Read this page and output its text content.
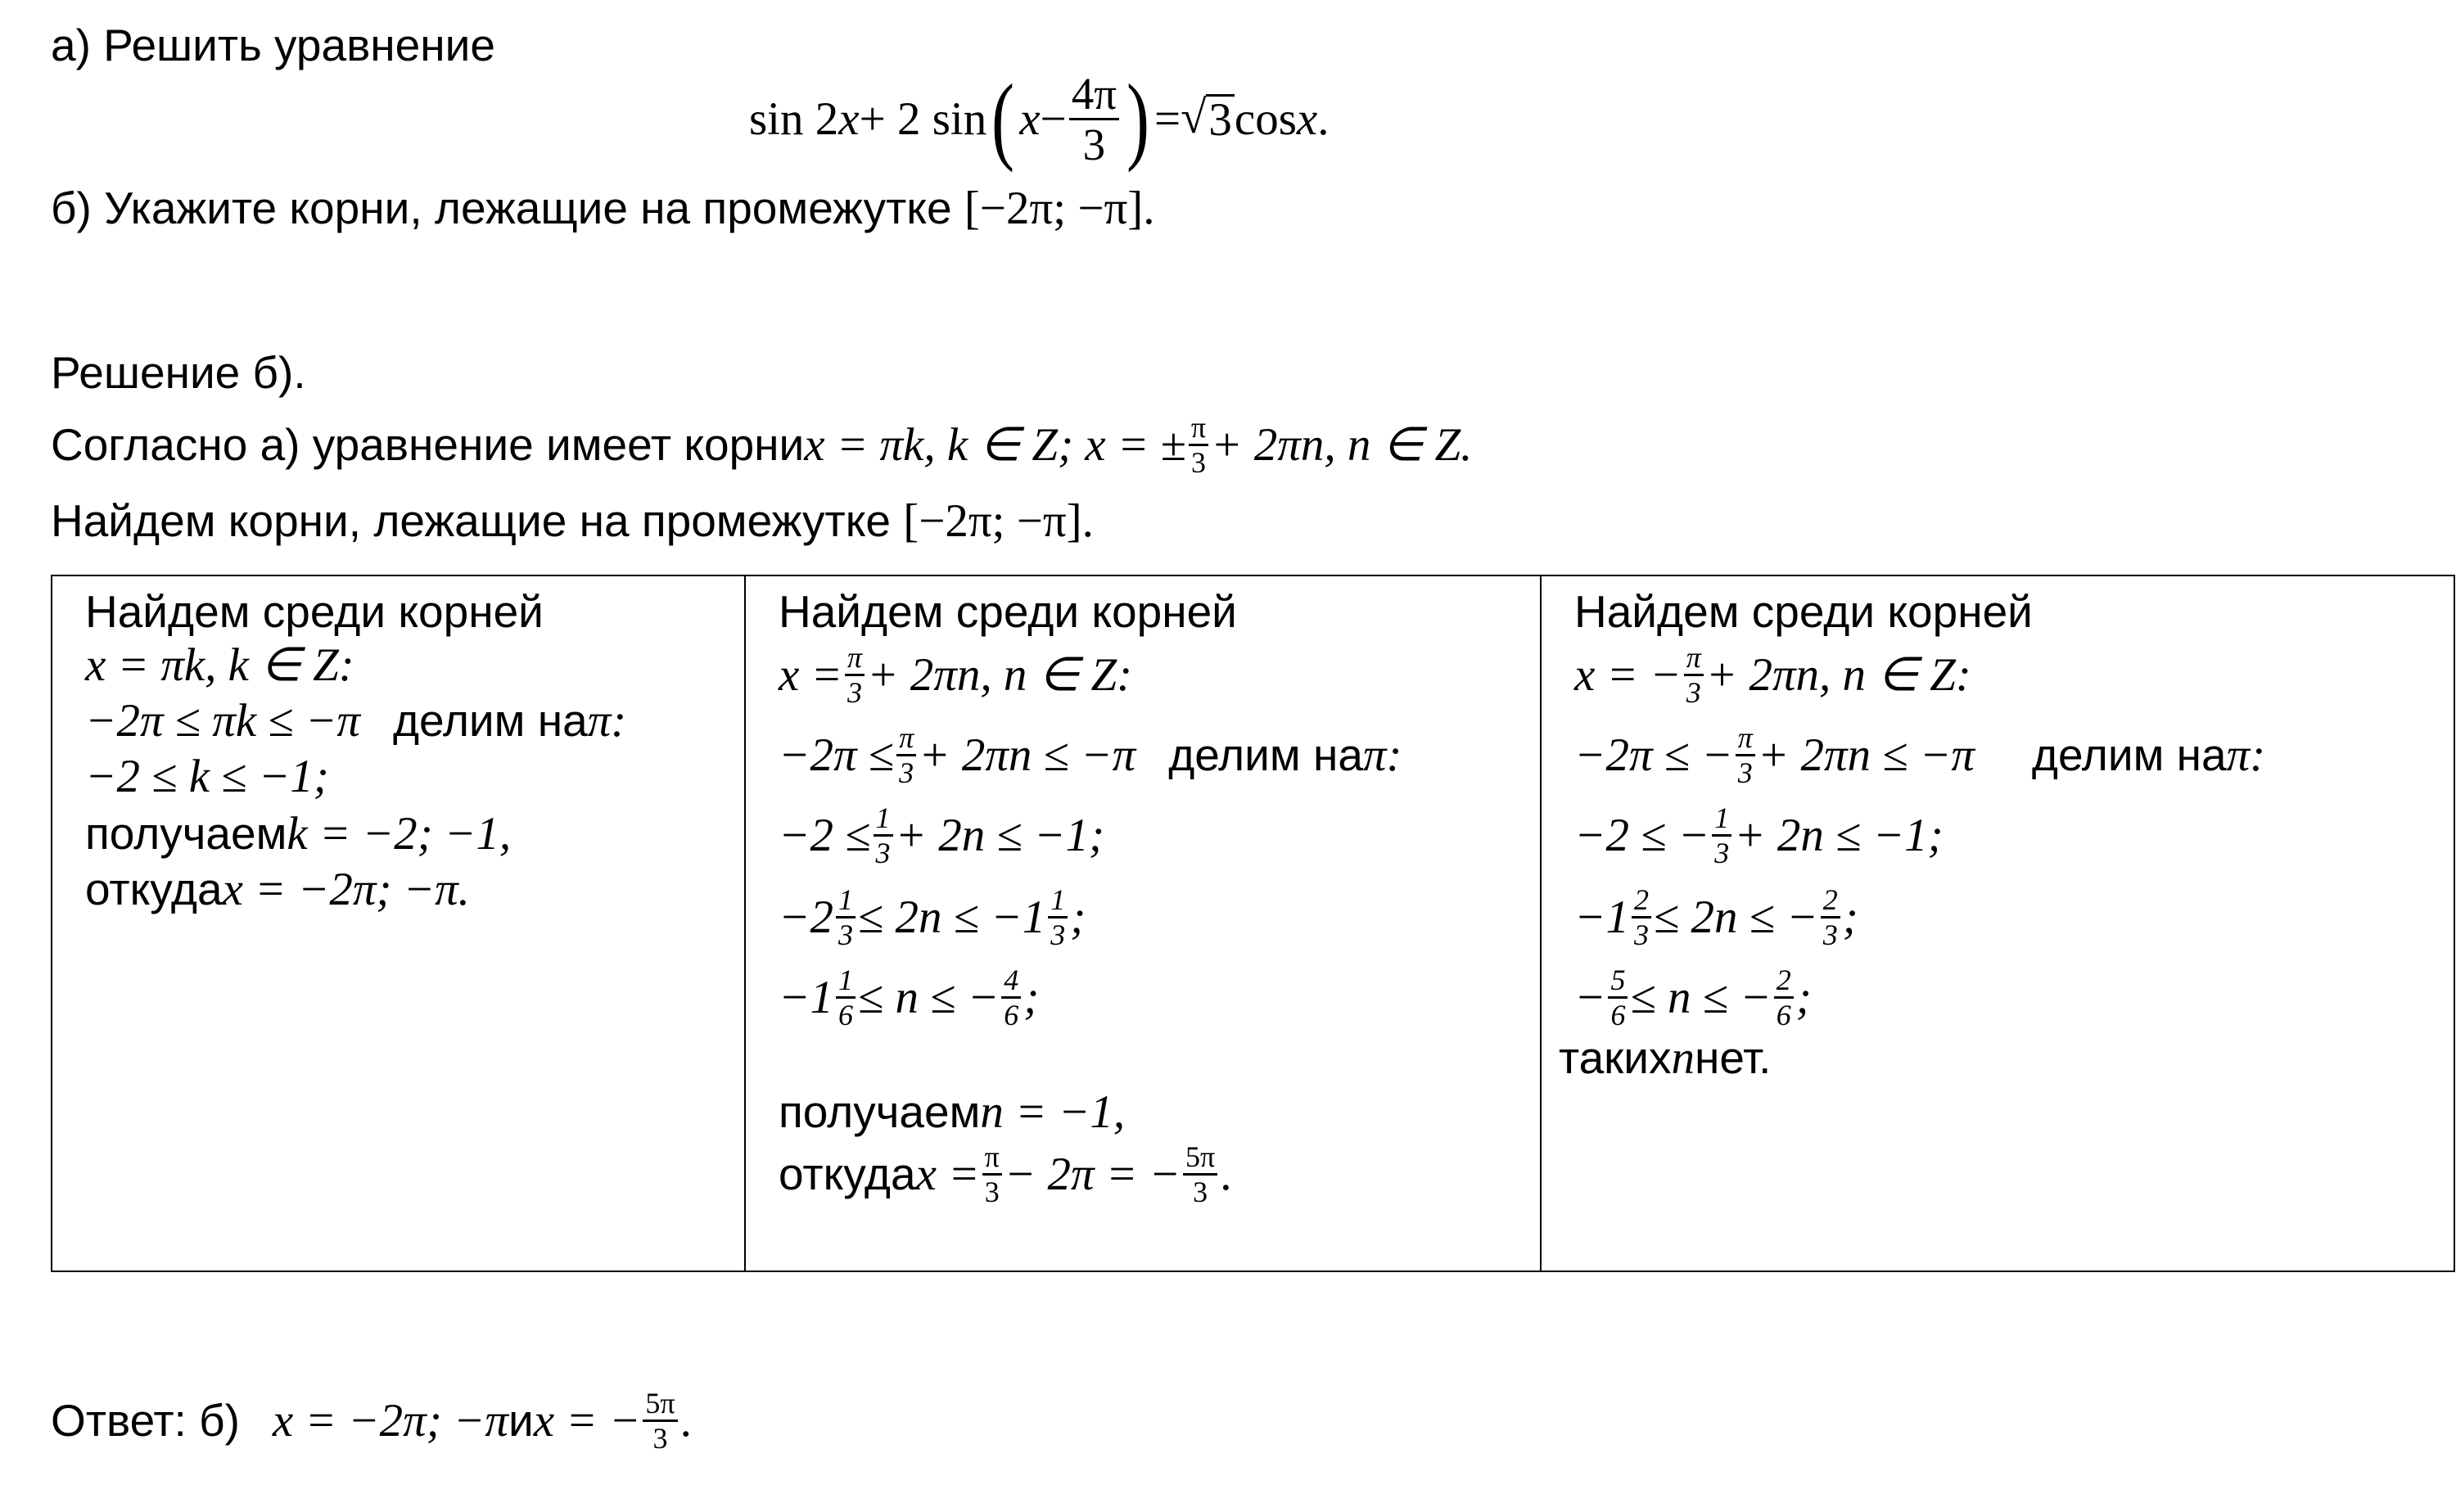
а) Решить уравнение
sin 2 x + 2 sin ( $x - \frac{4\pi}{3}$ ) = √ 3 cos x .
б) Укажите корни, лежащие на промежутке [−2π; −π].
Решение б).
Согласно а) уравнение имеет корни x = πk, k ∈ Z; x = ± $\frac{\pi}{3} + 2\pi n$, n ∈ Z.
Найдем корни, лежащие на промежутке [−2π; −π].
Найдем среди корней
x = πk, k ∈ Z:
−2π ≤ πk ≤ −π делим на π:
−2 ≤ k ≤ −1;
получаем k = −2; −1,
откуда x = −2π; −π.
Найдем среди корней
$x = \frac{\pi}{3} + 2\pi n$, n ∈ Z:
$-2\pi \le \frac{\pi}{3} + 2\pi n \le -\pi$ делим на π:
$-2 \le \frac{1}{3} + 2n \le -1$;
$-2 \frac{1}{3} \le 2n \le -1 \frac{1}{3}$ ;
$-1 \frac{1}{6} \le n$ ≤ − $\frac{4}{6}$ ;
получаем n = −1,
откуда $x = \frac{\pi}{3} - 2\pi$ = − $\frac{5\pi}{3}$ .
Найдем среди корней
x = − $\frac{\pi}{3} + 2\pi n$, n ∈ Z:
−2π ≤ − $\frac{\pi}{3} + 2\pi n \le -\pi$ делим на π:
−2 ≤ − $\frac{1}{3} + 2n \le -1$;
$-1 \frac{2}{3} \le 2n$ ≤ − $\frac{2}{3}$ ;
− $\frac{5}{6} \le n$ ≤ − $\frac{2}{6}$ ;
таких n нет.
Ответ: б) x = −2π; −π и x = − $\frac{5\pi}{3}$ .
